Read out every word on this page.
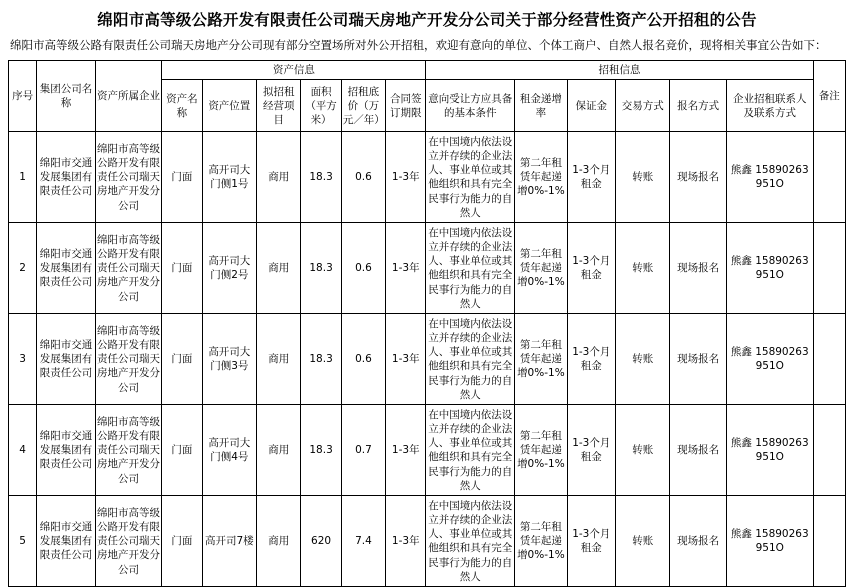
绵阳市高等级公路开发有限责任公司瑞天房地产开发分公司关于部分经营性资产公开招租的公告
绵阳市高等级公路有限责任公司瑞天房地产分公司现有部分空置场所对外公开招租，欢迎有意向的单位、个体工商户、自然人报名竞价，现将相关事宜公告如下：
序号	集团公司名称	资产所属企业	资产信息						招租信息						备注
			资产名称	资产位置	拟招租经营项目	面积（平方米）	招租底价（万元／年）	合同签订期限	意向受让方应具备的基本条件	租金递增率	保证金	交易方式	报名方式	企业招租联系人及联系方式	
1	绵阳市交通发展集团有限责任公司	绵阳市高等级公路开发有限责任公司瑞天房地产开发分公司	门面	高开司大门侧1号	商用	18.3	0.6	1-3年	在中国境内依法设立并存续的企业法人、事业单位或其他组织和具有完全民事行为能力的自然人	第二年租赁年起递增0%-1%	1-3个月租金	转账	现场报名	熊鑫 15890263951O	
2	绵阳市交通发展集团有限责任公司	绵阳市高等级公路开发有限责任公司瑞天房地产开发分公司	门面	高开司大门侧2号	商用	18.3	0.6	1-3年	在中国境内依法设立并存续的企业法人、事业单位或其他组织和具有完全民事行为能力的自然人	第二年租赁年起递增0%-1%	1-3个月租金	转账	现场报名	熊鑫 15890263951O	
3	绵阳市交通发展集团有限责任公司	绵阳市高等级公路开发有限责任公司瑞天房地产开发分公司	门面	高开司大门侧3号	商用	18.3	0.6	1-3年	在中国境内依法设立并存续的企业法人、事业单位或其他组织和具有完全民事行为能力的自然人	第二年租赁年起递增0%-1%	1-3个月租金	转账	现场报名	熊鑫 15890263951O	
4	绵阳市交通发展集团有限责任公司	绵阳市高等级公路开发有限责任公司瑞天房地产开发分公司	门面	高开司大门侧4号	商用	18.3	0.7	1-3年	在中国境内依法设立并存续的企业法人、事业单位或其他组织和具有完全民事行为能力的自然人	第二年租赁年起递增0%-1%	1-3个月租金	转账	现场报名	熊鑫 15890263951O	
5	绵阳市交通发展集团有限责任公司	绵阳市高等级公路开发有限责任公司瑞天房地产开发分公司	门面	高开司7楼	商用	620	7.4	1-3年	在中国境内依法设立并存续的企业法人、事业单位或其他组织和具有完全民事行为能力的自然人	第二年租赁年起递增0%-1%	1-3个月租金	转账	现场报名	熊鑫 15890263951O	
